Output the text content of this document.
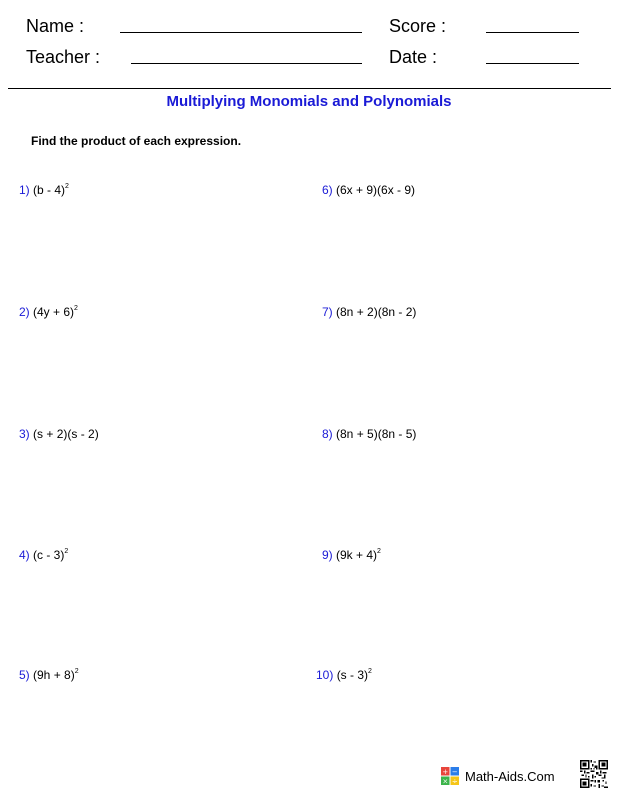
Name :	Score :
Teacher :	Date :
Multiplying Monomials and Polynomials
Find the product of each expression.
1) (b - 4)$^2$
2) $(4y + 6)^2$
3) (s + 2)(s - 2)
4) (c - 3)$^2$
5) $(9h + 8)^2$
6) (6x + 9)(6x - 9)
7) (8n + 2)(8n - 2)
8) (8n + 5)(8n - 5)
9) $(9k + 4)^2$
10) (s - 3)$^2$
+ −
× ÷ Math-Aids.Com
